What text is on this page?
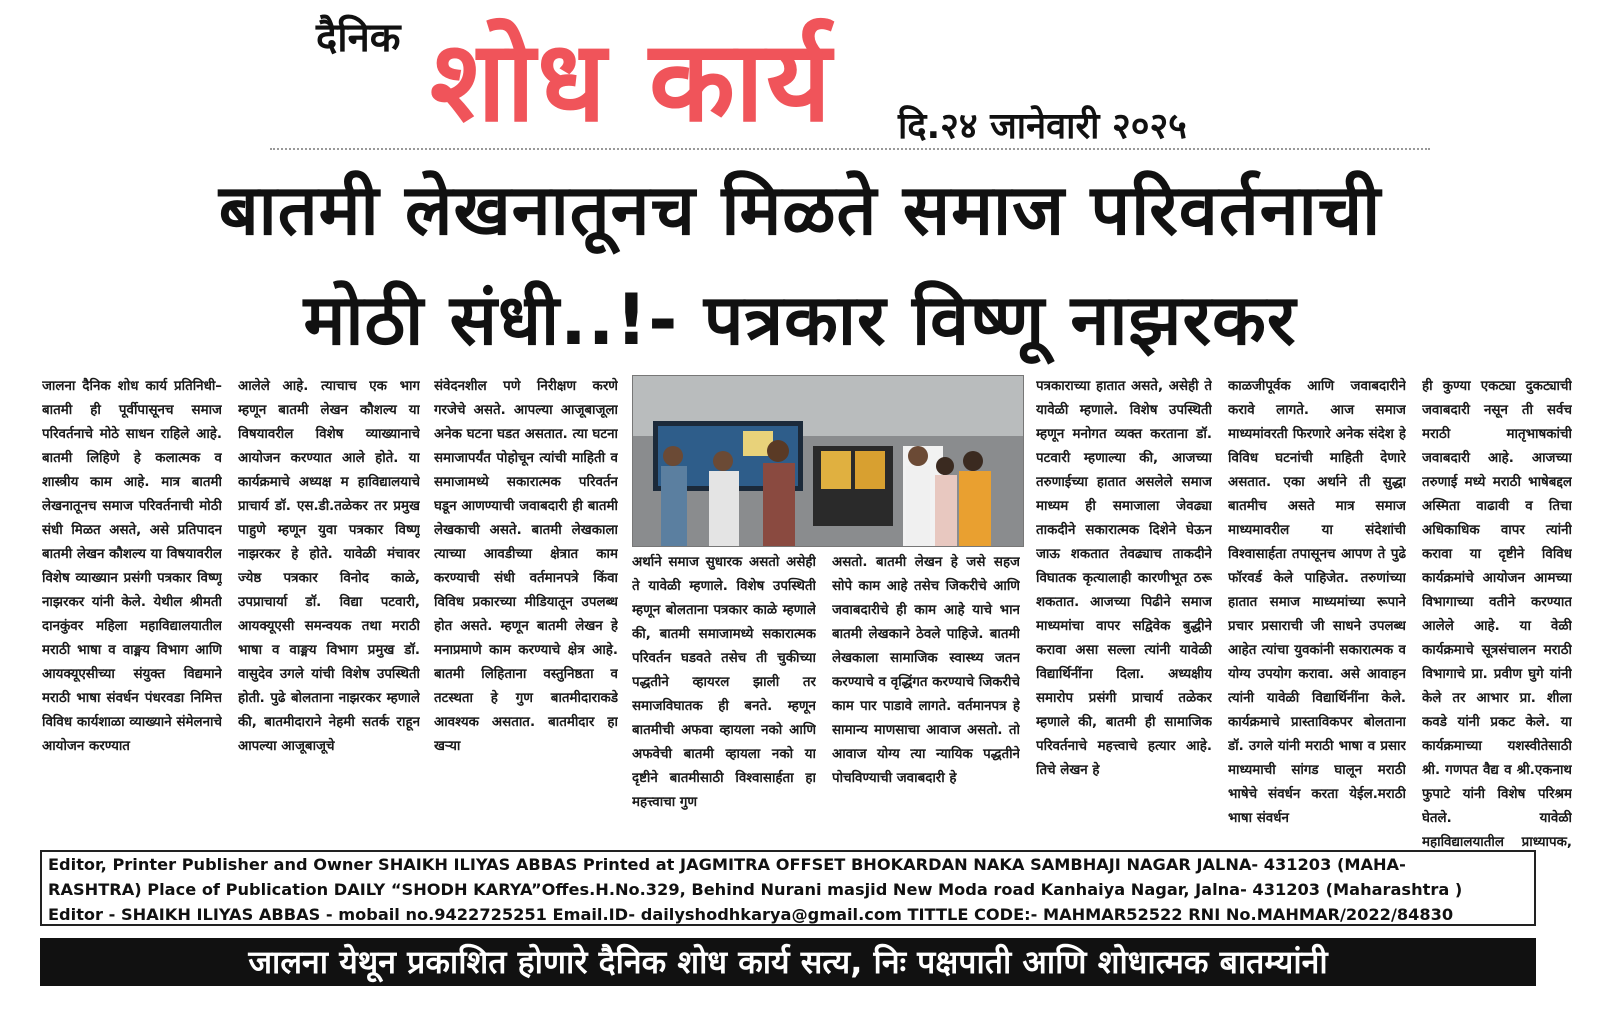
दैनिक शोध कार्य दि.२४ जानेवारी २०२५
बातमी लेखनातूनच मिळते समाज परिवर्तनाची
मोठी संधी..!- पत्रकार विष्णू नाझरकर
जालना दैनिक शोध कार्य प्रतिनिधी–बातमी ही पूर्वीपासूनच समाज परिवर्तनाचे मोठे साधन राहिले आहे. बातमी लिहिणे हे कलात्मक व शास्त्रीय काम आहे. मात्र बातमी लेखनातूनच समाज परिवर्तनाची मोठी संधी मिळत असते, असे प्रतिपादन बातमी लेखन कौशल्य या विषयावरील विशेष व्याख्यान प्रसंगी पत्रकार विष्णू नाझरकर यांनी केले. येथील श्रीमती दानकुंवर महिला महाविद्यालयातील मराठी भाषा व वाङ्मय विभाग आणि आयक्यूएसीच्या संयुक्त विद्यमाने मराठी भाषा संवर्धन पंधरवडा निमित्त विविध कार्यशाळा व्याख्याने संमेलनाचे आयोजन करण्यात
आलेले आहे. त्याचाच एक भाग म्हणून बातमी लेखन कौशल्य या विषयावरील विशेष व्याख्यानाचे आयोजन करण्यात आले होते. या कार्यक्रमाचे अध्यक्ष म हाविद्यालयाचे प्राचार्य डॉ. एस.डी.तळेकर तर प्रमुख पाहुणे म्हणून युवा पत्रकार विष्णू नाझरकर हे होते. यावेळी मंचावर ज्येष्ठ पत्रकार विनोद काळे, उपप्राचार्या डॉ. विद्या पटवारी, आयक्यूएसी समन्वयक तथा मराठी भाषा व वाङ्मय विभाग प्रमुख डॉ. वासुदेव उगले यांची विशेष उपस्थिती होती. पुढे बोलताना नाझरकर म्हणाले की, बातमीदाराने नेहमी सतर्क राहून आपल्या आजूबाजूचे
संवेदनशील पणे निरीक्षण करणे गरजेचे असते. आपल्या आजूबाजूला अनेक घटना घडत असतात. त्या घटना समाजापर्यंत पोहोचून त्यांची माहिती व समाजामध्ये सकारात्मक परिवर्तन घडून आणण्याची जवाबदारी ही बातमी लेखकाची असते. बातमी लेखकाला त्याच्या आवडीच्या क्षेत्रात काम करण्याची संधी वर्तमानपत्रे किंवा विविध प्रकारच्या मीडियातून उपलब्ध होत असते. म्हणून बातमी लेखन हे मनाप्रमाणे काम करण्याचे क्षेत्र आहे. बातमी लिहिताना वस्तुनिष्ठता व तटस्थता हे गुण बातमीदाराकडे आवश्यक असतात. बातमीदार हा खऱ्या
अर्थाने समाज सुधारक असतो असेही ते यावेळी म्हणाले. विशेष उपस्थिती म्हणून बोलताना पत्रकार काळे म्हणाले की, बातमी समाजामध्ये सकारात्मक परिवर्तन घडवते तसेच ती चुकीच्या पद्धतीने व्हायरल झाली तर समाजविघातक ही बनते. म्हणून बातमीची अफवा व्हायला नको आणि अफवेची बातमी व्हायला नको या दृष्टीने बातमीसाठी विश्वासार्हता हा महत्त्वाचा गुण
असतो. बातमी लेखन हे जसे सहज सोपे काम आहे तसेच जिकरीचे आणि जवाबदारीचे ही काम आहे याचे भान बातमी लेखकाने ठेवले पाहिजे. बातमी लेखकाला सामाजिक स्वास्थ्य जतन करण्याचे व वृद्धिंगत करण्याचे जिकरीचे काम पार पाडावे लागते. वर्तमानपत्र हे सामान्य माणसाचा आवाज असतो. तो आवाज योग्य त्या न्यायिक पद्धतीने पोचविण्याची जवाबदारी हे
पत्रकाराच्या हातात असते, असेही ते यावेळी म्हणाले. विशेष उपस्थिती म्हणून मनोगत व्यक्त करताना डॉ. पटवारी म्हणाल्या की, आजच्या तरुणाईच्या हातात असलेले समाज माध्यम ही समाजाला जेवढ्या ताकदीने सकारात्मक दिशेने घेऊन जाऊ शकतात तेवढ्याच ताकदीने विघातक कृत्यालाही कारणीभूत ठरू शकतात. आजच्या पिढीने समाज माध्यमांचा वापर सद्विवेक बुद्धीने करावा असा सल्ला त्यांनी यावेळी विद्यार्थिनींना दिला. अध्यक्षीय समारोप प्रसंगी प्राचार्य तळेकर म्हणाले की, बातमी ही सामाजिक परिवर्तनाचे महत्त्वाचे हत्यार आहे. तिचे लेखन हे
काळजीपूर्वक आणि जवाबदारीने करावे लागते. आज समाज माध्यमांवरती फिरणारे अनेक संदेश हे विविध घटनांची माहिती देणारे असतात. एका अर्थाने ती सुद्धा बातमीच असते मात्र समाज माध्यमावरील या संदेशांची विश्वासार्हता तपासूनच आपण ते पुढे फॉरवर्ड केले पाहिजेत. तरुणांच्या हातात समाज माध्यमांच्या रूपाने प्रचार प्रसाराची जी साधने उपलब्ध आहेत त्यांचा युवकांनी सकारात्मक व योग्य उपयोग करावा. असे आवाहन त्यांनी यावेळी विद्यार्थिनींना केले. कार्यक्रमाचे प्रास्ताविकपर बोलताना डॉ. उगले यांनी मराठी भाषा व प्रसार माध्यमाची सांगड घालून मराठी भाषेचे संवर्धन करता येईल.मराठी भाषा संवर्धन
ही कुण्या एकट्या दुकट्याची जवाबदारी नसून ती सर्वच मराठी मातृभाषकांची जवाबदारी आहे. आजच्या तरुणाई मध्ये मराठी भाषेबद्दल अस्मिता वाढावी व तिचा अधिकाधिक वापर त्यांनी करावा या दृष्टीने विविध कार्यक्रमांचे आयोजन आमच्या विभागाच्या वतीने करण्यात आलेले आहे. या वेळी कार्यक्रमाचे सूत्रसंचालन मराठी विभागाचे प्रा. प्रवीण घुगे यांनी केले तर आभार प्रा. शीला कवडे यांनी प्रकट केले. या कार्यक्रमाच्या यशस्वीतेसाठी श्री. गणपत वैद्य व श्री.एकनाथ फुपाटे यांनी विशेष परिश्रम घेतले. यावेळी महाविद्यालयातील प्राध्यापक,
Editor, Printer Publisher and Owner SHAIKH ILIYAS ABBAS Printed at JAGMITRA OFFSET BHOKARDAN NAKA SAMBHAJI NAGAR JALNA- 431203 (MAHA-
RASHTRA) Place of Publication DAILY “SHODH KARYA”Offes.H.No.329, Behind Nurani masjid New Moda road Kanhaiya Nagar, Jalna- 431203 (Maharashtra )
Editor - SHAIKH ILIYAS ABBAS - mobail no.9422725251 Email.ID- dailyshodhkarya@gmail.com TITTLE CODE:- MAHMAR52522 RNI No.MAHMAR/2022/84830
जालना येथून प्रकाशित होणारे दैनिक शोध कार्य सत्य, निः पक्षपाती आणि शोधात्मक बातम्यांनी
